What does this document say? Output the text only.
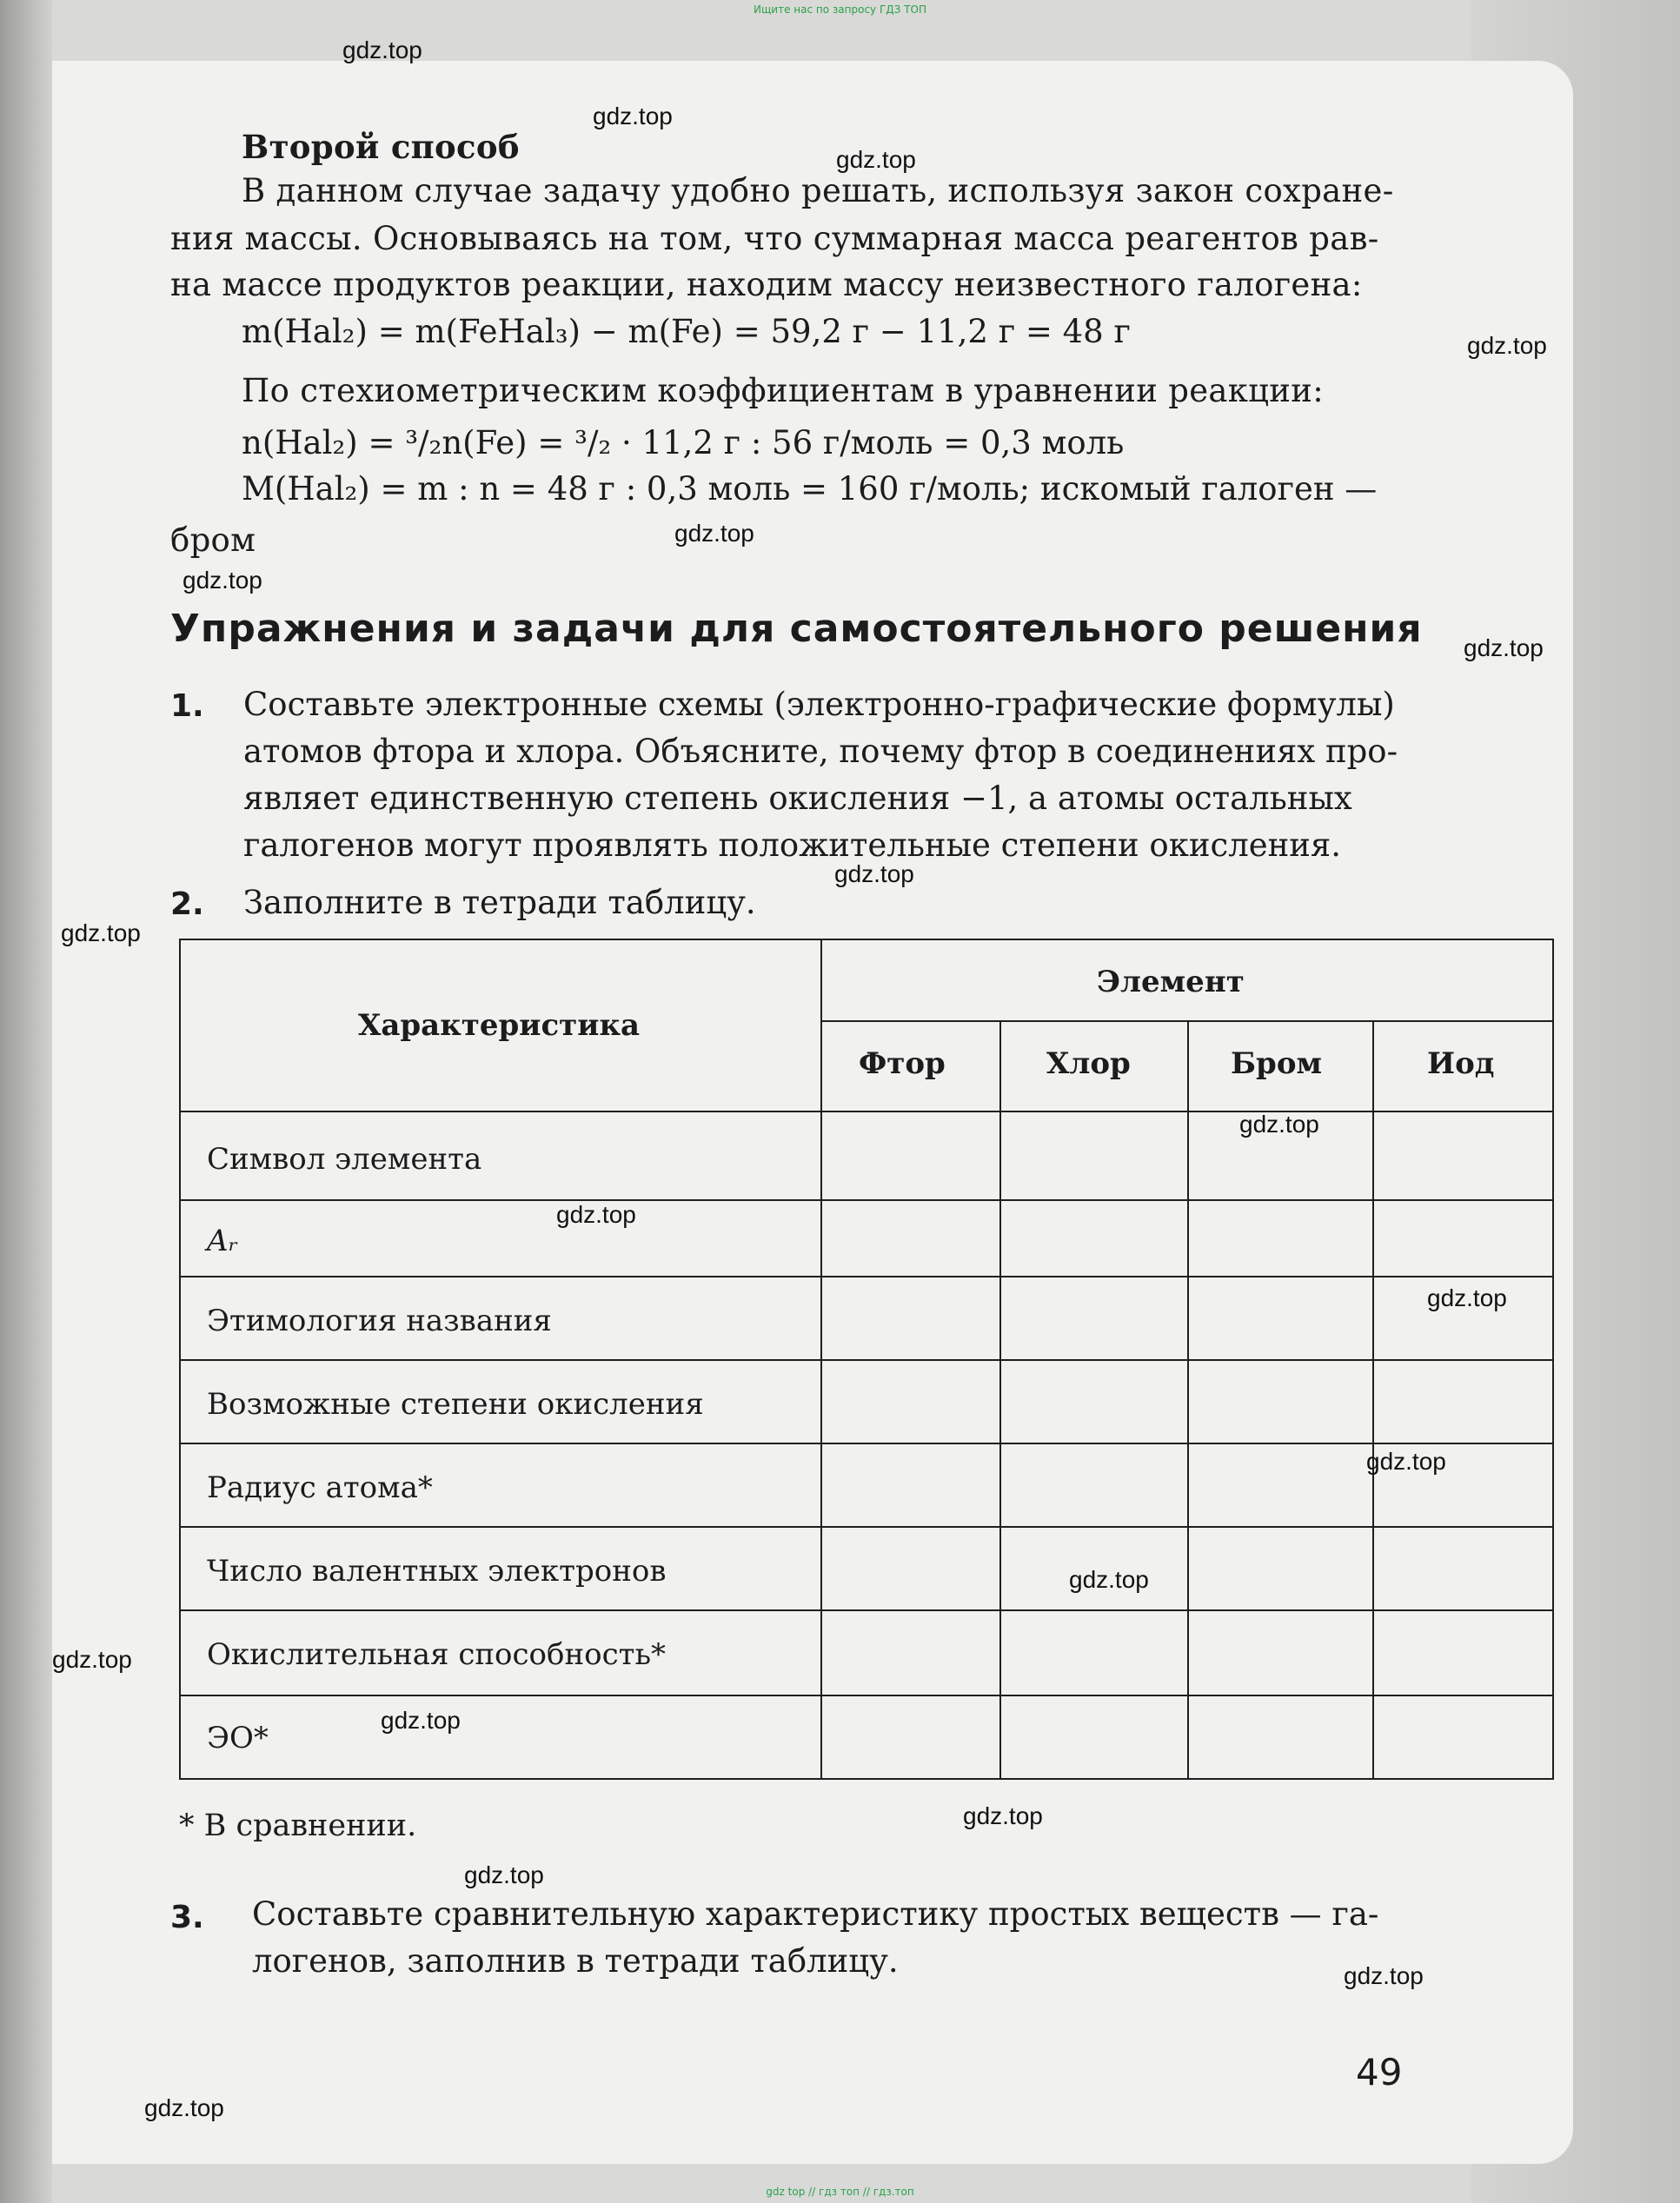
Ищите нас по запросу ГДЗ ТОП
Второй способ
В данном случае задачу удобно решать, используя закон сохране-
ния массы. Основываясь на том, что суммарная масса реагентов рав-
на массе продуктов реакции, находим массу неизвестного галогена:
m(Hal₂) = m(FeHal₃) − m(Fe) = 59,2 г − 11,2 г = 48 г
По стехиометрическим коэффициентам в уравнении реакции:
n(Hal₂) = ³/₂n(Fe) = ³/₂ · 11,2 г : 56 г/моль = 0,3 моль
M(Hal₂) = m : n = 48 г : 0,3 моль = 160 г/моль; искомый галоген —
бром
Упражнения и задачи для самостоятельного решения
1. Составьте электронные схемы (электронно-графические формулы)
атомов фтора и хлора. Объясните, почему фтор в соединениях про-
являет единственную степень окисления −1, а атомы остальных
галогенов могут проявлять положительные степени окисления.
2. Заполните в тетради таблицу.
Характеристика
Элемент
Фтор	Хлор	Бром	Иод
Символ элемента
Aᵣ
Этимология названия
Возможные степени окисления
Радиус атома*
Число валентных электронов
Окислительная способность*
ЭО*
* В сравнении.
3. Составьте сравнительную характеристику простых веществ — га-
логенов, заполнив в тетради таблицу.
49
gdz.top
gdz.top
gdz.top
gdz.top
gdz.top
gdz.top
gdz.top
gdz.top
gdz.top
gdz.top
gdz.top
gdz.top
gdz.top
gdz.top
gdz.top
gdz.top
gdz.top
gdz.top
gdz.top
gdz.top
gdz top // гдз топ // гдз.топ
